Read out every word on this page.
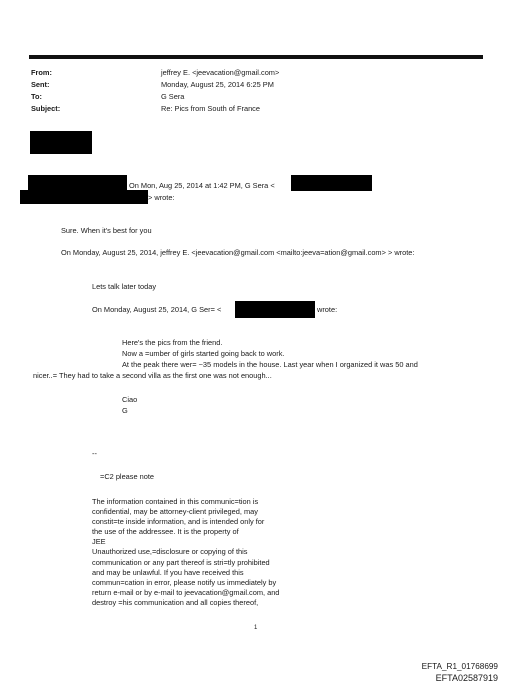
From:
Sent:
To:
Subject:
jeffrey E. <jeevacation@gmail.com>
Monday, August 25, 2014 6:25 PM
G Sera
Re: Pics from South of France
On Mon, Aug 25, 2014 at 1:42 PM, G Sera <
> wrote:
Sure. When it's best for you
On Monday, August 25, 2014, jeffrey E. <jeevacation@gmail.com <mailto:jeeva=ation@gmail.com> > wrote:
Lets talk later today
On Monday, August 25, 2014, G Ser= <	wrote:
Here's the pics from the friend.
Now a =umber of girls started going back to work.
At the peak there wer= ~35 models in the house. Last year when I organized it was 50 and
nicer..= They had to take a second villa as the first one was not enough...
Ciao
G
--
=C2 please note
The information contained in this communic=tion is
confidential, may be attorney-client privileged, may
constit=te inside information, and is intended only for
the use of the addressee. It is the property of
JEE
Unauthorized use,=disclosure or copying of this
communication or any part thereof is stri=tly prohibited
and may be unlawful. If you have received this
commun=cation in error, please notify us immediately by
return e-mail or by e-mail to jeevacation@gmail.com, and
destroy =his communication and all copies thereof,
1
EFTA_R1_01768699
EFTA02587919
